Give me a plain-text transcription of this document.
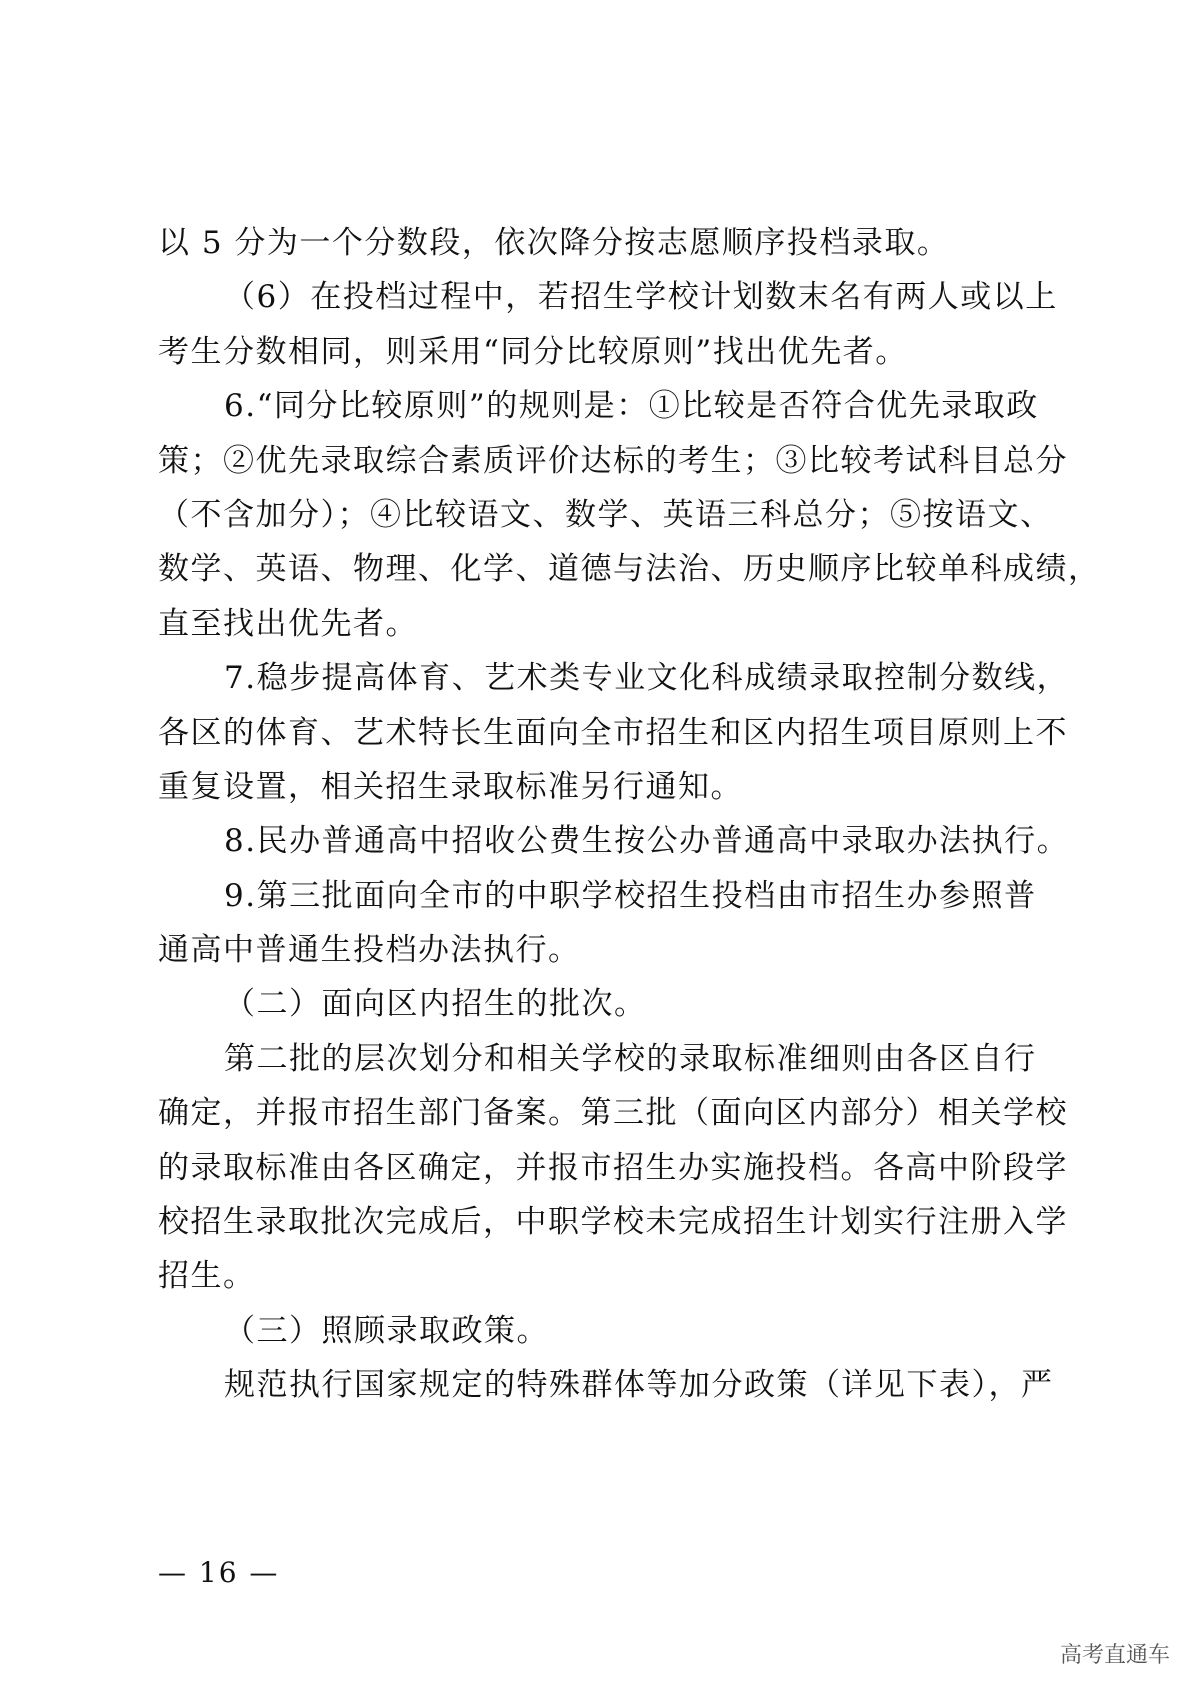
以 5 分为一个分数段，依次降分按志愿顺序投档录取。
（6）在投档过程中，若招生学校计划数末名有两人或以上
考生分数相同，则采用“同分比较原则”找出优先者。
6.“同分比较原则”的规则是：①比较是否符合优先录取政
策；②优先录取综合素质评价达标的考生；③比较考试科目总分
（不含加分）；④比较语文、数学、英语三科总分；⑤按语文、
数学、英语、物理、化学、道德与法治、历史顺序比较单科成绩，
直至找出优先者。
7.稳步提高体育、艺术类专业文化科成绩录取控制分数线，
各区的体育、艺术特长生面向全市招生和区内招生项目原则上不
重复设置，相关招生录取标准另行通知。
8.民办普通高中招收公费生按公办普通高中录取办法执行。
9.第三批面向全市的中职学校招生投档由市招生办参照普
通高中普通生投档办法执行。
（二）面向区内招生的批次。
第二批的层次划分和相关学校的录取标准细则由各区自行
确定，并报市招生部门备案。第三批（面向区内部分）相关学校
的录取标准由各区确定，并报市招生办实施投档。各高中阶段学
校招生录取批次完成后，中职学校未完成招生计划实行注册入学
招生。
（三）照顾录取政策。
规范执行国家规定的特殊群体等加分政策（详见下表），严
— 16 —
高考直通车
